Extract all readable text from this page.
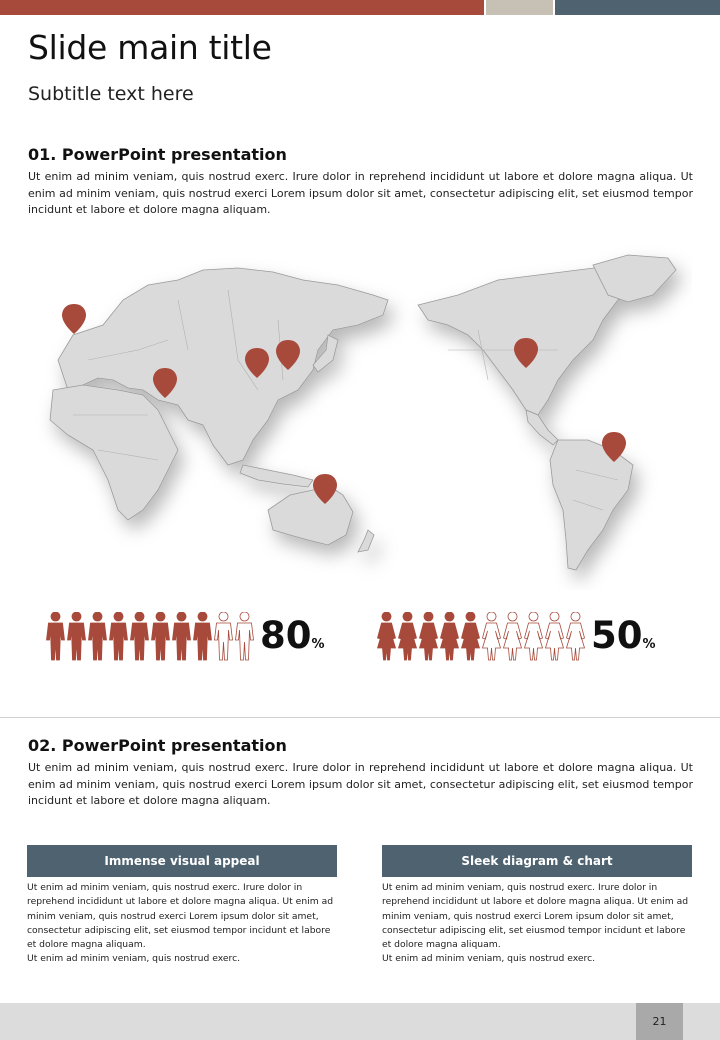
Slide main title
Subtitle text here
01. PowerPoint presentation
Ut enim ad minim veniam, quis nostrud exerc. Irure dolor in reprehend incididunt ut labore et dolore magna aliqua. Ut enim ad minim veniam, quis nostrud exerci Lorem ipsum dolor sit amet, consectetur adipiscing elit, set eiusmod tempor incidunt et labore et dolore magna aliquam.
80%	50%
02. PowerPoint presentation
Ut enim ad minim veniam, quis nostrud exerc. Irure dolor in reprehend incididunt ut labore et dolore magna aliqua. Ut enim ad minim veniam, quis nostrud exerci Lorem ipsum dolor sit amet, consectetur adipiscing elit, set eiusmod tempor incidunt et labore et dolore magna aliquam.
Immense visual appeal
Ut enim ad minim veniam, quis nostrud exerc. Irure dolor in reprehend incididunt ut labore et dolore magna aliqua. Ut enim ad minim veniam, quis nostrud exerci Lorem ipsum dolor sit amet, consectetur adipiscing elit, set eiusmod tempor incidunt et labore et dolore magna aliquam.
Ut enim ad minim veniam, quis nostrud exerc.
Sleek diagram & chart
Ut enim ad minim veniam, quis nostrud exerc. Irure dolor in reprehend incididunt ut labore et dolore magna aliqua. Ut enim ad minim veniam, quis nostrud exerci Lorem ipsum dolor sit amet, consectetur adipiscing elit, set eiusmod tempor incidunt et labore et dolore magna aliquam.
Ut enim ad minim veniam, quis nostrud exerc.
21
